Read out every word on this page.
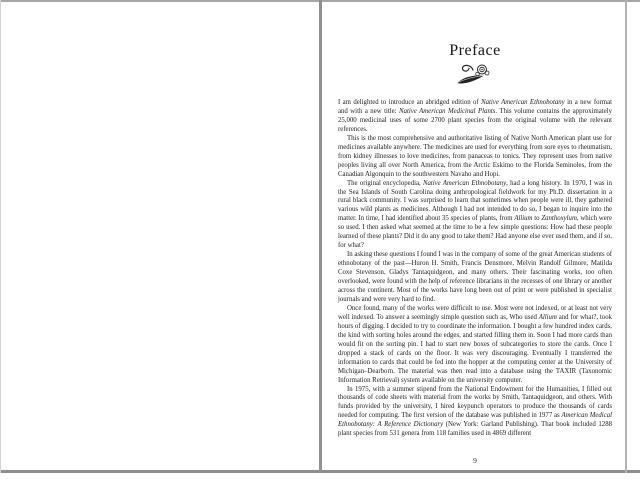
Preface

I am delighted to introduce an abridged edition of Native American Ethnobotany in a new format and with a new title: Native American Medicinal Plants. This volume contains the approximately 25,000 medicinal uses of some 2700 plant species from the original volume with the relevant references.

This is the most comprehensive and authoritative listing of Native North American plant use for medicines available anywhere. The medicines are used for everything from sore eyes to rheumatism, from kidney illnesses to love medicines, from panaceas to tonics. They represent uses from native peoples living all over North America, from the Arctic Eskimo to the Florida Seminoles, from the Canadian Algonquin to the southwestern Navaho and Hopi.

The original encyclopedia, Native American Ethnobotany, had a long history. In 1970, I was in the Sea Islands of South Carolina doing anthropological fieldwork for my Ph.D. dissertation in a rural black community. I was surprised to learn that sometimes when people were ill, they gathered various wild plants as medicines. Although I had not intended to do so, I began to inquire into the matter. In time, I had identified about 35 species of plants, from Allium to Zanthoxylum, which were so used. I then asked what seemed at the time to be a few simple questions: How had these people learned of these plants? Did it do any good to take them? Had anyone else ever used them, and if so, for what?

In asking these questions I found I was in the company of some of the great American students of ethnobotany of the past—Huron H. Smith, Francis Densmore, Melvin Randolf Gilmore, Matilda Coxe Stevenson, Gladys Tantaquidgeon, and many others. Their fascinating works, too often overlooked, were found with the help of reference librarians in the recesses of one library or another across the continent. Most of the works have long been out of print or were published in specialist journals and were very hard to find.

Once found, many of the works were difficult to use. Most were not indexed, or at least not very well indexed. To answer a seemingly simple question such as, Who used Allium and for what?, took hours of digging. I decided to try to coordinate the information. I bought a few hundred index cards, the kind with sorting holes around the edges, and started filling them in. Soon I had more cards than would fit on the sorting pin. I had to start new boxes of subcategories to store the cards. Once I dropped a stack of cards on the floor. It was very discouraging. Eventually I transferred the information to cards that could be fed into the hopper at the computing center at the University of Michigan–Dearborn. The material was then read into a database using the TAXIR (Taxonomic Information Retrieval) system available on the university computer.

In 1975, with a summer stipend from the National Endowment for the Humanities, I filled out thousands of code sheets with material from the works by Smith, Tantaquidgeon, and others. With funds provided by the university, I hired keypunch operators to produce the thousands of cards needed for computing. The first version of the database was published in 1977 as American Medical Ethnobotany: A Reference Dictionary (New York: Garland Publishing). That book included 1288 plant species from 531 genera from 118 families used in 4869 different

9
